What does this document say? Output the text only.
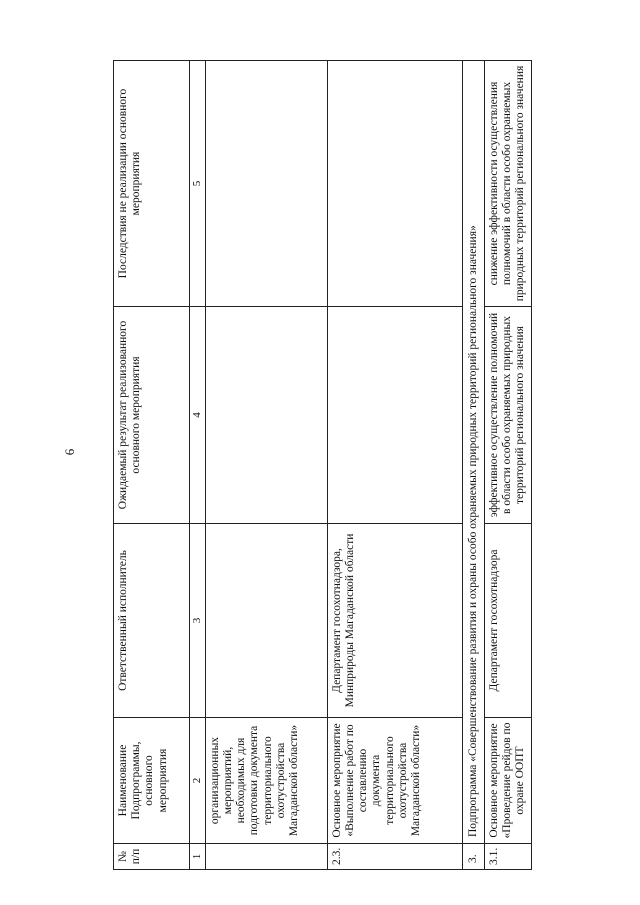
6
№ п/п	Наименование Подпрограммы, основного мероприятия	Ответственный исполнитель	Ожидаемый результат реализованного основного мероприятия	Последствия не реализации основного мероприятия
1	2	3	4	5
	организационных мероприятий, необходимых для подготовки документа территориального охотустройства Магаданской области»			
2.3.	Основное мероприятие «Выполнение работ по составлению документа территориального охотустройства Магаданской области»	Департамент госохотнадзора, Минприроды Магаданской области		
3.	Подпрограмма «Совершенствование развития и охраны особо охраняемых природных территорий регионального значения»			
3.1.	Основное мероприятие «Проведение рейдов по охране ООПТ	Департамент госохотнадзора	эффективное осуществление полномочий в области особо охраняемых природных территорий регионального значения	снижение эффективности осуществления полномочий в области особо охраняемых природных территорий регионального значения
